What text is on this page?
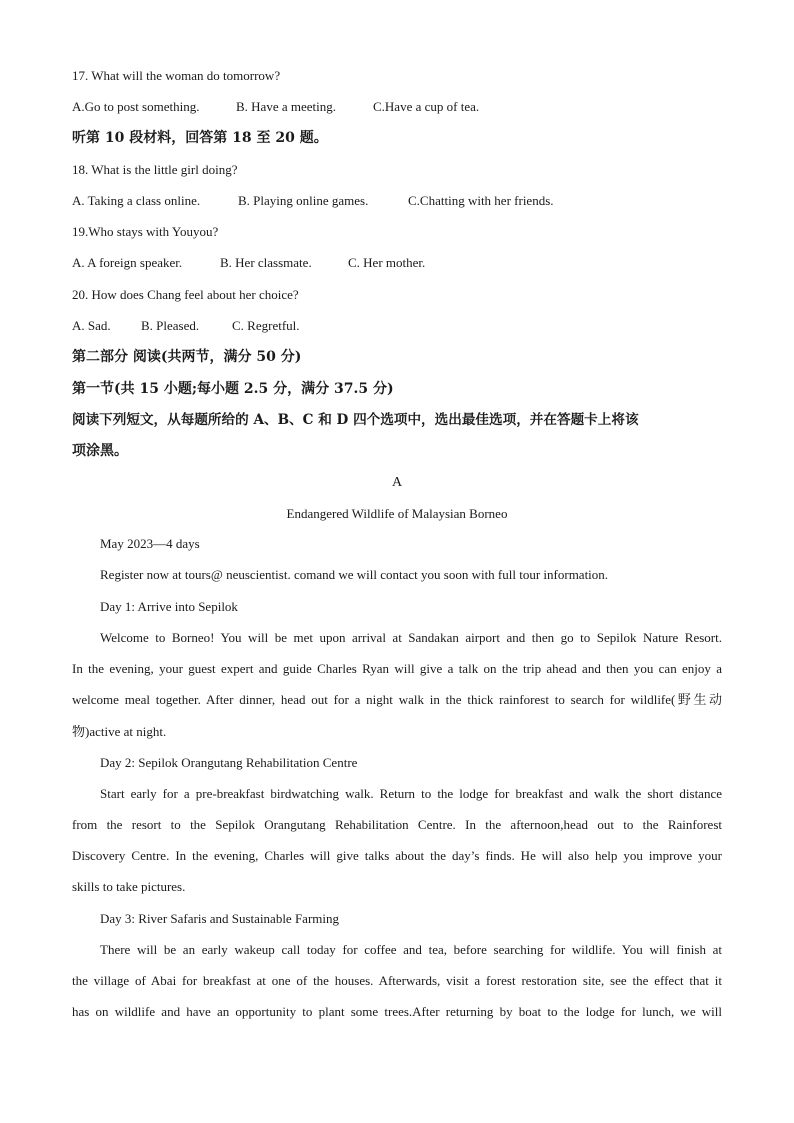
17. What will the woman do tomorrow?
A.Go to post something.	B. Have a meeting.	C.Have a cup of tea.
听第 10 段材料，回答第 18 至 20 题。
18. What is the little girl doing?
A. Taking a class online.	B. Playing online games.	C.Chatting with her friends.
19.Who stays with Youyou?
A. A foreign speaker.	B. Her classmate.	C. Her mother.
20. How does Chang feel about her choice?
A. Sad. B. Pleased.	C. Regretful.
第二部分 阅读(共两节，满分 50 分)
第一节(共 15 小题;每小题 2.5 分，满分 37.5 分)
阅读下列短文，从每题所给的 A、B、C 和 D 四个选项中，选出最佳选项，并在答题卡上将该
项涂黑。
A
Endangered Wildlife of Malaysian Borneo
May 2023—4 days
Register now at tours@ neuscientist. comand we will contact you soon with full tour information.
Day 1: Arrive into Sepilok
Welcome to Borneo! You will be met upon arrival at Sandakan airport and then go to Sepilok Nature Resort.
In the evening, your guest expert and guide Charles Ryan will give a talk on the trip ahead and then you can enjoy a
welcome meal together. After dinner, head out for a night walk in the thick rainforest to search for wildlife(野生动
物)active at night.
Day 2: Sepilok Orangutang Rehabilitation Centre
Start early for a pre-breakfast birdwatching walk. Return to the lodge for breakfast and walk the short distance
from the resort to the Sepilok Orangutang Rehabilitation Centre. In the afternoon,head out to the Rainforest
Discovery Centre. In the evening, Charles will give talks about the day’s finds. He will also help you improve your
skills to take pictures.
Day 3: River Safaris and Sustainable Farming
There will be an early wakeup call today for coffee and tea, before searching for wildlife. You will finish at
the village of Abai for breakfast at one of the houses. Afterwards, visit a forest restoration site, see the effect that it
has on wildlife and have an opportunity to plant some trees.After returning by boat to the lodge for lunch, we will
